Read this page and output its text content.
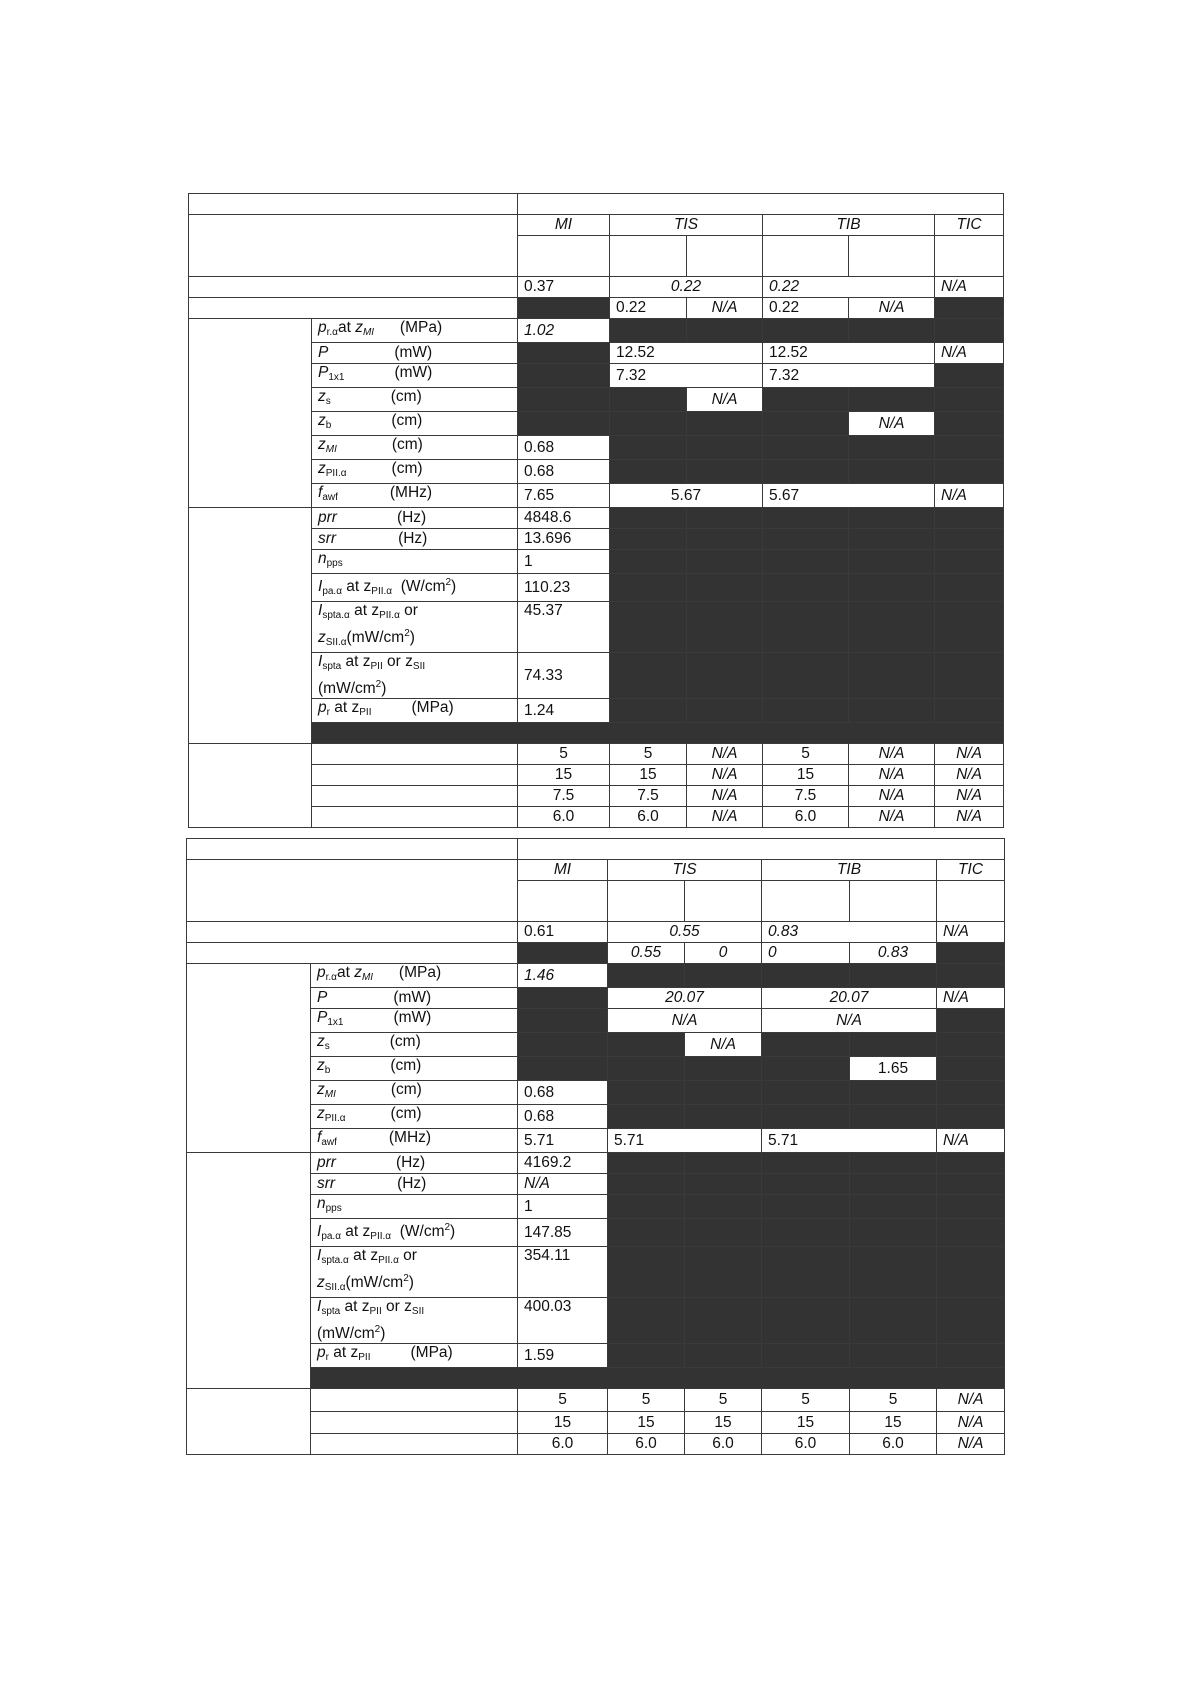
		MI	TIS		TIB		TIC

		0.37	0.22		0.22		N/A
			0.22	N/A	0.22	N/A	
	$p_{r.\alpha}at$ $z_{MI}$ (MPa)	1.02					
	P (mW)		12.52		12.52		N/A
	$P_{1x1}$ (mW)		7.32		7.32		
	$z_s$ (cm)			N/A			
	$z_b$ (cm)					N/A	
	$z_{MI}$ (cm)	0.68					
	$z_{PII.\alpha}$ (cm)	0.68					
	$f_{awf}$ (MHz)	7.65	5.67		5.67		N/A
	prr (Hz)	4848.6					
	srr (Hz)	13.696					
	$n_{pps}$	1					
	$I_{pa.\alpha}$ at $z_{PII.\alpha}$ $(W/cm^2)$	110.23					
	$I_{spta.\alpha}$ at $z_{PII.\alpha}$ or
$z_{SII.\alpha}(mW/cm^2)$	45.37					
	$I_{spta}$ at $z_{PII}$ or $z_{SII}$
$(mW/cm^2)$	74.33					
	$p_r$ at $z_{PII}$ (MPa)	1.24					

		5	5	N/A	5	N/A	N/A
		15	15	N/A	15	N/A	N/A
		7.5	7.5	N/A	7.5	N/A	N/A
		6.0	6.0	N/A	6.0	N/A	N/A

		MI	TIS		TIB		TIC

		0.61	0.55		0.83		N/A
			0.55	0	0	0.83	
	$p_{r.\alpha}at$ $z_{MI}$ (MPa)	1.46					
	P (mW)		20.07		20.07		N/A
	$P_{1x1}$ (mW)		N/A		N/A		
	$z_s$ (cm)			N/A			
	$z_b$ (cm)					1.65	
	$z_{MI}$ (cm)	0.68					
	$z_{PII.\alpha}$ (cm)	0.68					
	$f_{awf}$ (MHz)	5.71	5.71		5.71		N/A
	prr (Hz)	4169.2					
	srr (Hz)	N/A					
	$n_{pps}$	1					
	$I_{pa.\alpha}$ at $z_{PII.\alpha}$ $(W/cm^2)$	147.85					
	$I_{spta.\alpha}$ at $z_{PII.\alpha}$ or
$z_{SII.\alpha}(mW/cm^2)$	354.11					
	$I_{spta}$ at $z_{PII}$ or $z_{SII}$
$(mW/cm^2)$	400.03					
	$p_r$ at $z_{PII}$ (MPa)	1.59					

		5	5	5	5	5	N/A
		15	15	15	15	15	N/A
		6.0	6.0	6.0	6.0	6.0	N/A
